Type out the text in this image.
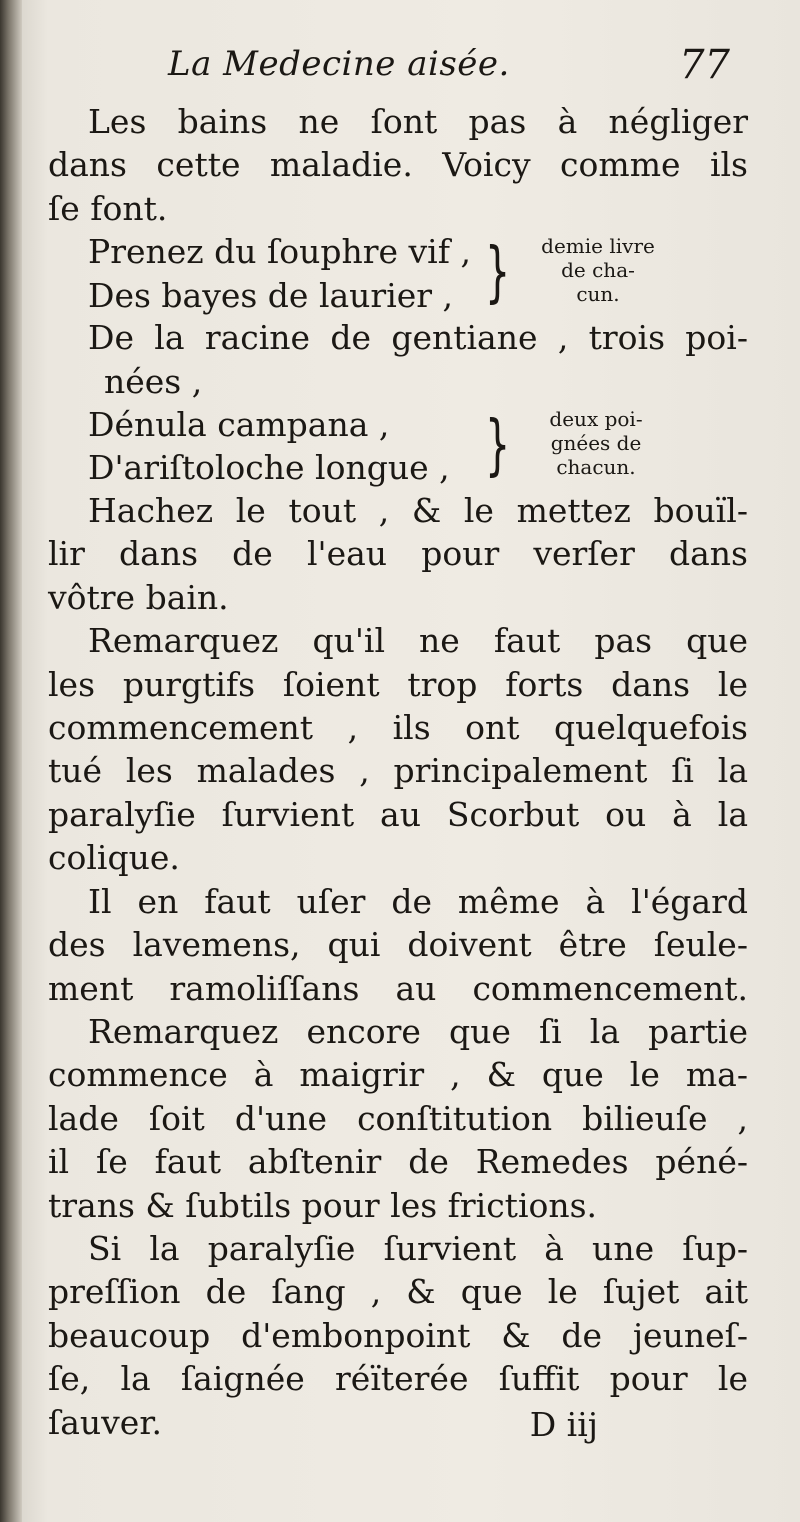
La Medecine aisée.	77
Les bains ne ſont pas à négliger
dans cette maladie. Voicy comme ils
ſe font.
Prenez du ſouphre vif ,
Des bayes de laurier , }	demie livre
de cha-
cun.
De la racine de gentiane , trois poi-
nées ,
Dénula campana ,
D'ariſtoloche longue , }	deux poi-
gnées de
chacun.
Hachez le tout , & le mettez bouïl-
lir dans de l'eau pour verſer dans
vôtre bain.
Remarquez qu'il ne faut pas que
les purgtifs ſoient trop forts dans le
commencement , ils ont quelquefois
tué les malades , principalement ſi la
paralyſie ſurvient au Scorbut ou à la
colique.
Il en faut uſer de même à l'égard
des lavemens, qui doivent être ſeule-
ment ramoliſſans au commencement.
Remarquez encore que ſi la partie
commence à maigrir , & que le ma-
lade ſoit d'une conſtitution bilieuſe ,
il ſe faut abſtenir de Remedes péné-
trans & ſubtils pour les frictions.
Si la paralyſie ſurvient à une ſup-
preſſion de ſang , & que le ſujet ait
beaucoup d'embonpoint & de jeuneſ-
ſe, la ſaignée réïterée ſuffit pour le
ſauver.	D iij
